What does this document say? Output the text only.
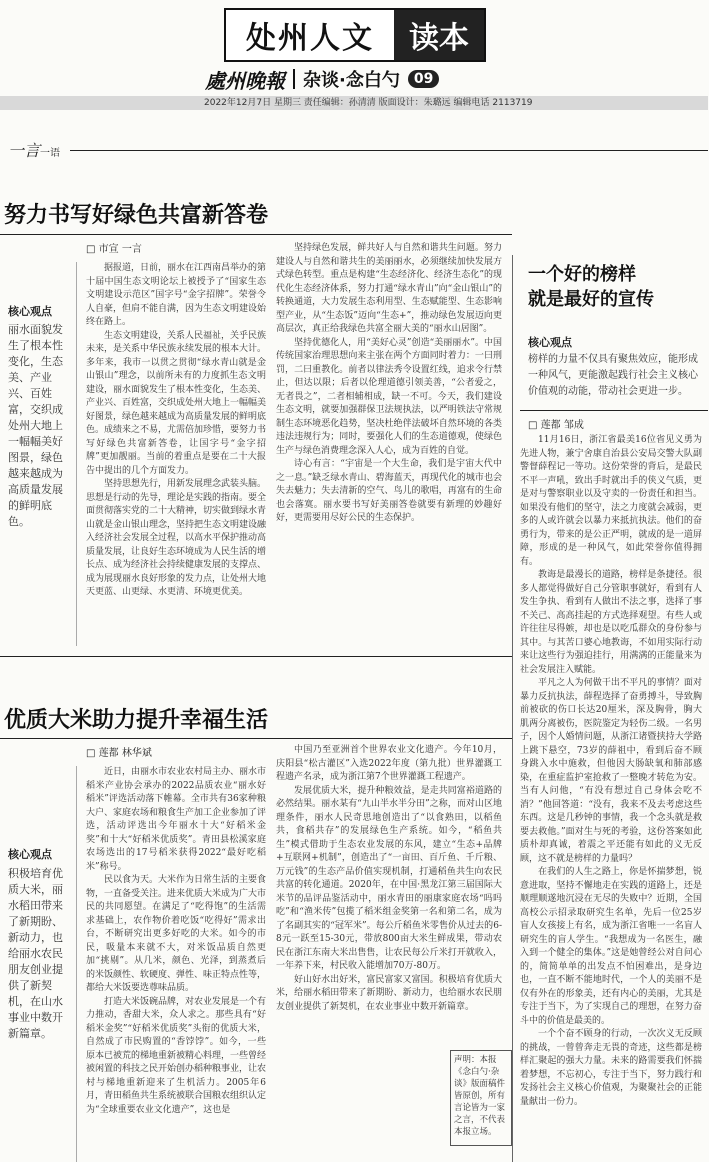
处州人文	读本
處州晚報 杂谈·念白勺	09
2022年12月7日 星期三 责任编辑：孙清清 版面设计：朱璐远 编辑电话 2113719
一言一语
努力书写好绿色共富新答卷
□ 市宣 一言
核心观点
丽水面貌发生了根本性变化，生态美、产业兴、百姓富，交织成处州大地上一幅幅美好图景，绿色越来越成为高质量发展的鲜明底色。

据报道，日前，丽水在江西南昌举办的第十届中国生态文明论坛上被授予了“国家生态文明建设示范区”国字号“金字招牌”。荣誉令人自豪，但肩不能自满，因为生态文明建设始终在路上。

生态文明建设，关系人民福祉，关乎民族未来，是关系中华民族永续发展的根本大计。多年来，我市一以贯之贯彻“绿水青山就是金山银山”理念，以前所未有的力度抓生态文明建设，丽水面貌发生了根本性变化，生态美、产业兴、百姓富，交织成处州大地上一幅幅美好图景，绿色越来越成为高质量发展的鲜明底色。成绩来之不易，尤需倍加珍惜，要努力书写好绿色共富新答卷，让国字号“金字招牌”更加靓丽。当前的着重点是要在二十大报告中提出的几个方面发力。

坚持思想先行，用新发展理念武装头脑。思想是行动的先导，理论是实践的指南。要全面贯彻落实党的二十大精神，切实做到绿水青山就是金山银山理念，坚持把生态文明建设融入经济社会发展全过程，以高水平保护推动高质量发展，让良好生态环境成为人民生活的增长点、成为经济社会持续健康发展的支撑点、成为展现丽水良好形象的发力点，让处州大地天更蓝、山更绿、水更清、环境更优美。

坚持绿色发展，鲜共好人与自然和谐共生问题。努力建设人与自然和谐共生的美丽丽水，必须继续加快发展方式绿色转型。重点是构建“生态经济化、经济生态化”的现代化生态经济体系，努力打通“绿水青山”向“金山银山”的转换通道，大力发展生态利用型、生态赋能型、生态影响型产业，从“生态饭”迈向“生态+”，推动绿色发展迈向更高层次，真正给我绿色共富全丽大美的“丽水山居图”。

坚持优德化人，用“美好心灵”创造“美丽丽水”。中国传统国家治理思想向来主张在两个方面同时着力：一曰刑罚，二曰重教化。前者以律法秀令设置红线，追求令行禁止，但达以限；后者以伦理道德引领美善，“公者爱之，无者畏之”，二者相辅相成，缺一不可。今天，我们建设生态文明，就要加强群保卫法规执法，以严明铁法守常规制生态环境恶化趋势，坚决杜绝伴法破坏自然环境的各类违法违规行为；同时，要强化人们的生态道德观，使绿色生产与绿色消费理念深入人心，成为百姓的自觉。

诗心有言：“宇宙是一个大生命，我们是宇宙大代中之一息。”缺乏绿水青山、碧海蓝天，再现代化的城市也会失去魅力；失去清新的空气、鸟儿的歌唱，再富有的生命也会落寞。丽水要书写好美丽答卷就要有新理的妙趣好好，更需要用尽好公民的生态保护。

优质大米助力提升幸福生活
□ 莲都 林华斌
核心观点
积极培育优质大米，丽水稻田带来了新期盼、新动力，也给丽水农民朋友创业提供了新契机，在山水事业中数开新篇章。

近日，由丽水市农业农村局主办、丽水市稻米产业协会承办的2022品质农业“丽水好稻米”评选活动落下帷幕。全市共有36家种粮大户、家庭农场和粮食生产加工企业参加了评选，活动评选出今年丽水十大“好稻米金奖”和十大“好稻米优质奖”。青田县松溪家庭农场选出的17号稻米获得2022“最好吃稻米”称号。

民以食为天。大米作为日常生活的主要食物，一直备受关注。进来优质大米成为广大市民的共同愿望。在满足了“吃得饱”的生活需求基础上，农作物价着吃饭“吃得好”需求出台，不断研究出更多好吃的大米。如今的市民，吸量本来就不大，对米饭品质自然更加“挑剔”。从几米，颜色、光泽，到蒸煮后的米饭颜性、软硬度、弹性、味正特点性等，都给大米饭要选尊味品质。

打造大米饭碗品牌，对农业发展是一个有力推动，香甜大米，众人求之。那些具有“好稻米金奖”“好稻米优质奖”头衔的优质大米，自然成了市民购置的“香饽饽”。如今，一些原本已被荒的梯地重新被精心料理，一些曾经被闲置的科技之民开始创办稻种粮事业，让农村与梯地重新迎来了生机活力。2005年6月，青田稻鱼共生系统被联合国粮农组织认定为“全球重要农业文化遗产”，这也是

中国乃至亚洲首个世界农业文化遗产。今年10月，庆阳县“松古灌区”入选2022年度（第九批）世界灌溉工程遗产名录，成为浙江第7个世界灌溉工程遗产。

发展优质大米，提升种粮效益，是走共同富裕道路的必然结果。丽水某有“九山半水半分田”之称，而对山区地理条件，丽水人民奇思地创造出了“以食熟田，以稻鱼共，食稻共存”的发展绿色生产系统。如今，“稻鱼共生”模式借助于生态农业发展的东风，建立“生态+品牌+互联网+机制”，创造出了“一亩田、百斤鱼、千斤粮、万元钱”的生态产品价值实现机制，打通稻鱼共生向农民共富的转化通道。2020年，在中国·黑龙江第三届国际大米节的品评品鉴活动中，丽水青田的丽康家庭农场“吗吗吃”和“渔米传”包揽了稻米组金奖第一名和第二名，成为了名副其实的“冠军米”。每公斤稻鱼米零售价从过去的6-8元一跃至15-30元，带放800亩大米生鲜成果，带动农民在浙江东南大米出售售，让农民每公斤米打开就收入，一年养下来，村民收入能增加70万-80万。

好山好水出好米，富民富家又富国。积极培育优质大米，给丽水稻田带来了新期盼、新动力，也给丽水农民朋友创业提供了新契机，在农业事业中数开新篇章。

声明：本报《念白勺·杂谈》版面稿件皆原创，所有言论皆为一家之言，不代表本报立场。
一个好的榜样
就是最好的宣传
核心观点
榜样的力量不仅具有聚焦效应，能形成一种风气，更能激起践行社会主义核心价值观的动能，带动社会更进一步。
□ 莲都 邹成

11月16日，浙江省最美16位省见义勇为先进人物，兼宁舍康自治县公安局交警大队副警督薛程记一等功。这份荣誉的背后，是最民不平一声吼，致出手时就出手的侠义气质，更是对与警察职业以及守卖的一份责任和担当。如果没有他们的坚守，法之力度就会减弱，更多的人或许就会以暴力来抵抗执法。他们的奋勇行为，带来的是公正严明，就成的是一道屏障，形成的是一种风气，如此荣誉你值得拥有。

教诲是最漫长的道路，榜样是条捷径。很多人都觉得做好自己分管职事就好，看到有人发生争执、看到有人做出不法之事，选择了事不关己、高高挂起的方式选择观望。有些人或许往往尽得嫉，却也是以吃瓜群众的身份参与其中。与其苦口婆心地教诲，不如用实际行动来让这些行为强迫挂行，用满满的正能量来为社会发展注入赋能。

平凡之人为何做干出不平凡的事情？面对暴力反抗执法，薛程选择了奋勇搏斗，导致胸前被砍的伤口长达20厘米，深及胸骨，胸大肌两分离被伤，医院鉴定为轻伤二级。一名男子，因个人婚情问题，从浙江诸暨挟持大学路上跳下悬空，73岁的薛祖中，看到后奋不顾身跳入水中施救，但他因大肠缺氧和肺部感染，在重症监护室抢救了一整晚才转危为安。当有人问他，“有没有想过自己身体会吃不消？”他回答道：“没有，我来不及去考虑这些东西。这是几秒钟的事情，我一个念头就是救要去救他。”面对生与死的考验，这份答案如此质朴却真诚，着震之平还能有如此的义无反顾，这不就是榜样的力量吗？

在我们的人生之路上，你是怀揣梦想，锐意进取，坚持不懈地走在实践的道路上，还是顺理顺遂地沉浸在无尽的失败中？近期，全国高校公示招录取研究生名单，先后一位25岁盲人女孩接上有名，成为浙江省唯一一名盲人研究生的盲人学生。“我想成为一名医生，融入到一个健全的集体。”这是她曾经公对自问心的，简简单单的出发点不怕困难出，是身边也，一直不断不能地时代，一个人的美丽不是仅有外在的形象美，还有内心的美丽，尤其是专注于当下，为了实现自己的理想，在努力奋斗中的价值是最美的。

一个个奋不顾身的行动，一次次义无反顾的挑战，一曾曾奔走无畏的奇迹，这些都是榜样汇聚起的强大力量。未来的路需要我们怀揣着梦想，不忘初心，专注于当下，努力践行和发扬社会主义核心价值观，为聚聚社会的正能量献出一份力。
